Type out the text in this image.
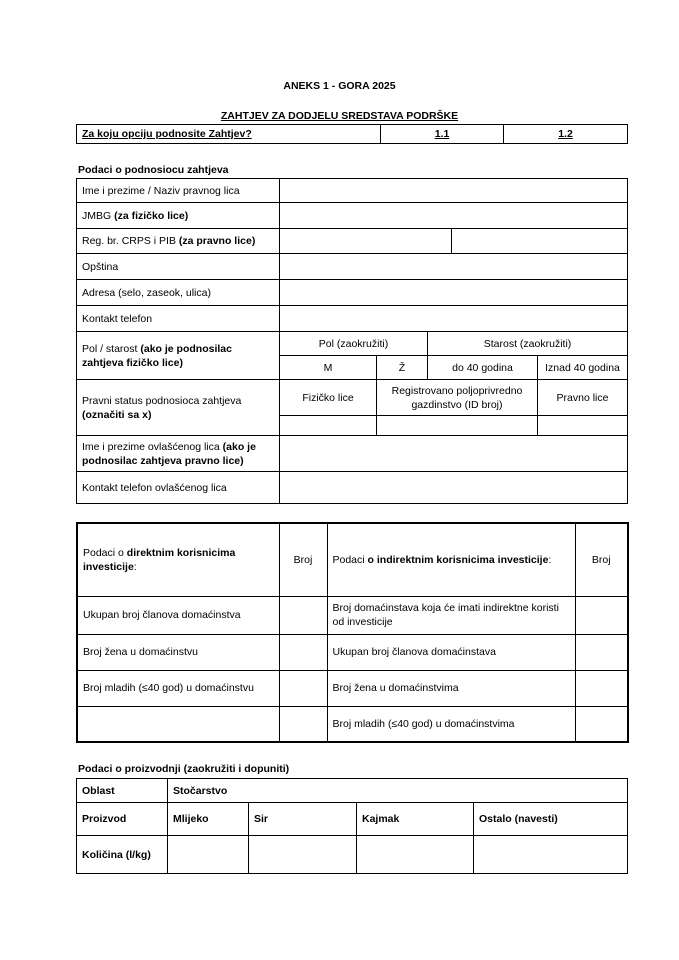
ANEKS 1 - GORA 2025
ZAHTJEV ZA DODJELU SREDSTAVA PODRŠKE
Za koju opciju podnosite Zahtjev?	1.1	1.2
Podaci o podnosiocu zahtjeva
Ime i prezime / Naziv pravnog lica					
JMBG (za fizičko lice)					
Reg. br. CRPS i PIB (za pravno lice)					
Opština					
Adresa (selo, zaseok, ulica)					
Kontakt telefon					
Pol / starost (ako je podnosilac zahtjeva fizičko lice)	Pol (zaokružiti)		Starost (zaokružiti)		
	M	Ž	do 40 godina		Iznad 40 godina
Pravni status podnosioca zahtjeva
(označiti sa x)	Fizičko lice	Registrovano poljoprivredno gazdinstvo (ID broj)			Pravno lice

Ime i prezime ovlašćenog lica (ako je podnosilac zahtjeva pravno lice)					
Kontakt telefon ovlašćenog lica					
Podaci o direktnim korisnicima investicije:	Broj	Podaci o indirektnim korisnicima investicije:	Broj
Ukupan broj članova domaćinstva		Broj domaćinstava koja će imati indirektne koristi od investicije	
Broj žena u domaćinstvu		Ukupan broj članova domaćinstava	
Broj mladih (≤40 god) u domaćinstvu		Broj žena u domaćinstvima	
		Broj mladih (≤40 god) u domaćinstvima	
Podaci o proizvodnji (zaokružiti i dopuniti)
Oblast	Stočarstvo			
Proizvod	Mlijeko	Sir	Kajmak	Ostalo (navesti)
Količina (l/kg)				
